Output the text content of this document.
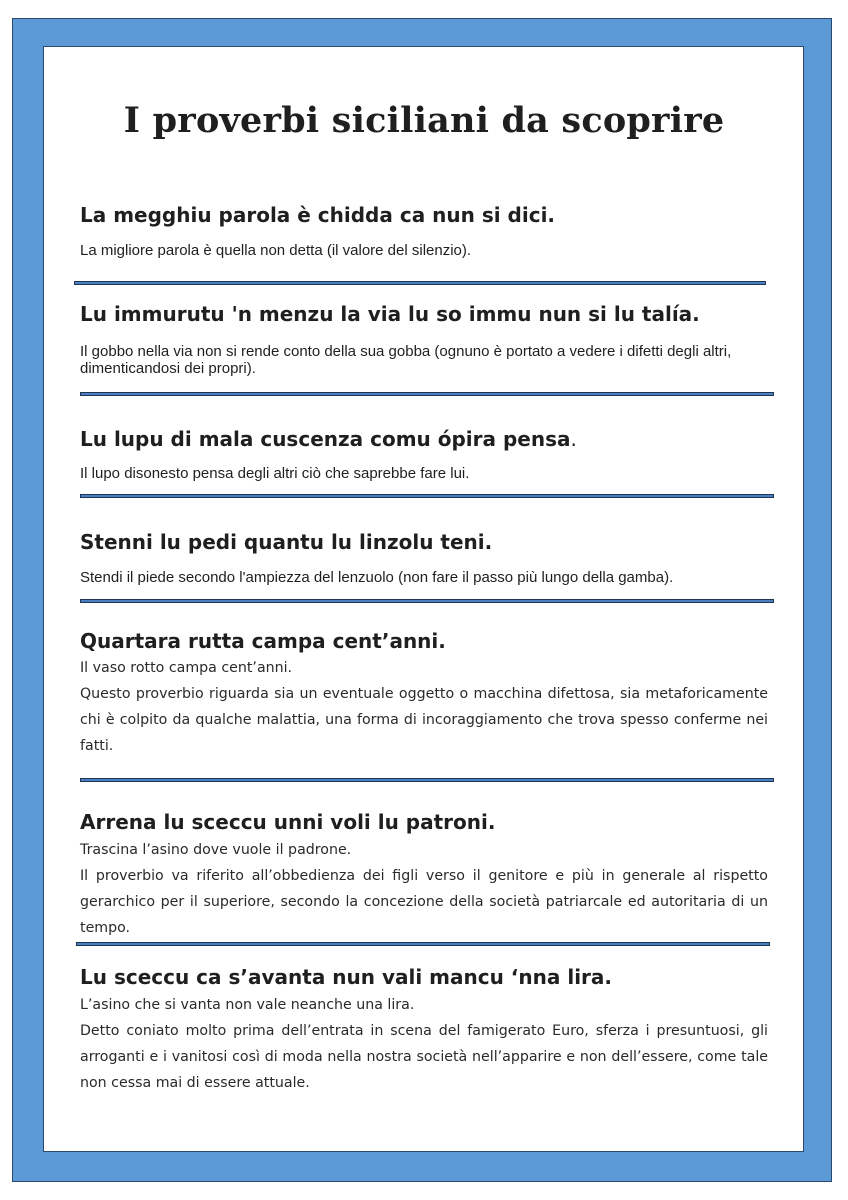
I proverbi siciliani da scoprire

La megghiu parola è chidda ca nun si dici.

La migliore parola è quella non detta (il valore del silenzio).

Lu immurutu 'n menzu la via lu so immu nun si lu talía.

Il gobbo nella via non si rende conto della sua gobba (ognuno è portato a vedere i difetti degli altri, dimenticandosi dei propri).

Lu lupu di mala cuscenza comu ópira pensa.

Il lupo disonesto pensa degli altri ciò che saprebbe fare lui.

Stenni lu pedi quantu lu linzolu teni.

Stendi il piede secondo l'ampiezza del lenzuolo (non fare il passo più lungo della gamba).

Quartara rutta campa cent’anni.

Il vaso rotto campa cent’anni.

Questo proverbio riguarda sia un eventuale oggetto o macchina difettosa, sia metaforicamente chi è colpito da qualche malattia, una forma di incoraggiamento che trova spesso conferme nei fatti.

Arrena lu sceccu unni voli lu patroni.

Trascina l’asino dove vuole il padrone.

Il proverbio va riferito all’obbedienza dei figli verso il genitore e più in generale al rispetto gerarchico per il superiore, secondo la concezione della società patriarcale ed autoritaria di un tempo.

Lu sceccu ca s’avanta nun vali mancu ‘nna lira.

L’asino che si vanta non vale neanche una lira.

Detto coniato molto prima dell’entrata in scena del famigerato Euro, sferza i presuntuosi, gli arroganti e i vanitosi così di moda nella nostra società nell’apparire e non dell’essere, come tale non cessa mai di essere attuale.
